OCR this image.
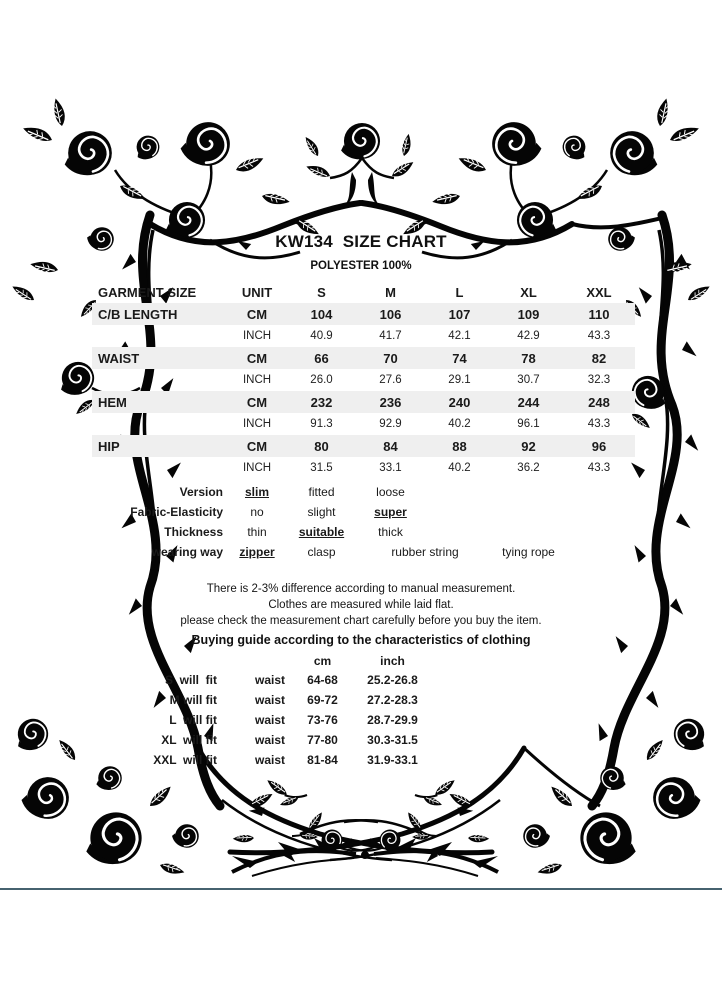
KW134  SIZE CHART
POLYESTER 100%
GARMENT SIZE	UNIT	S	M	L	XL	XXL
C/B LENGTH	CM	104	106	107	109	110
INCH	40.9	41.7	42.1	42.9	43.3
WAIST	CM	66	70	74	78	82
INCH	26.0	27.6	29.1	30.7	32.3
HEM	CM	232	236	240	244	248
INCH	91.3	92.9	40.2	96.1	43.3
HIP	CM	80	84	88	92	96
INCH	31.5	33.1	40.2	36.2	43.3
Version	slim	fitted	loose
Fabric-Elasticity	no	slight	super
Thickness	thin	suitable	thick
wearing way	zipper	clasp	rubber string	tying rope
There is 2-3% difference according to manual measurement.
Clothes are measured while laid flat.
please check the measurement chart carefully before you buy the item.
Buying guide according to the characteristics of clothing
cm	inch
S  will  fit	waist	64-68	25.2-26.8
M will fit	waist	69-72	27.2-28.3
L  will fit	waist	73-76	28.7-29.9
XL  will fit	waist	77-80	30.3-31.5
XXL  will fit	waist	81-84	31.9-33.1
